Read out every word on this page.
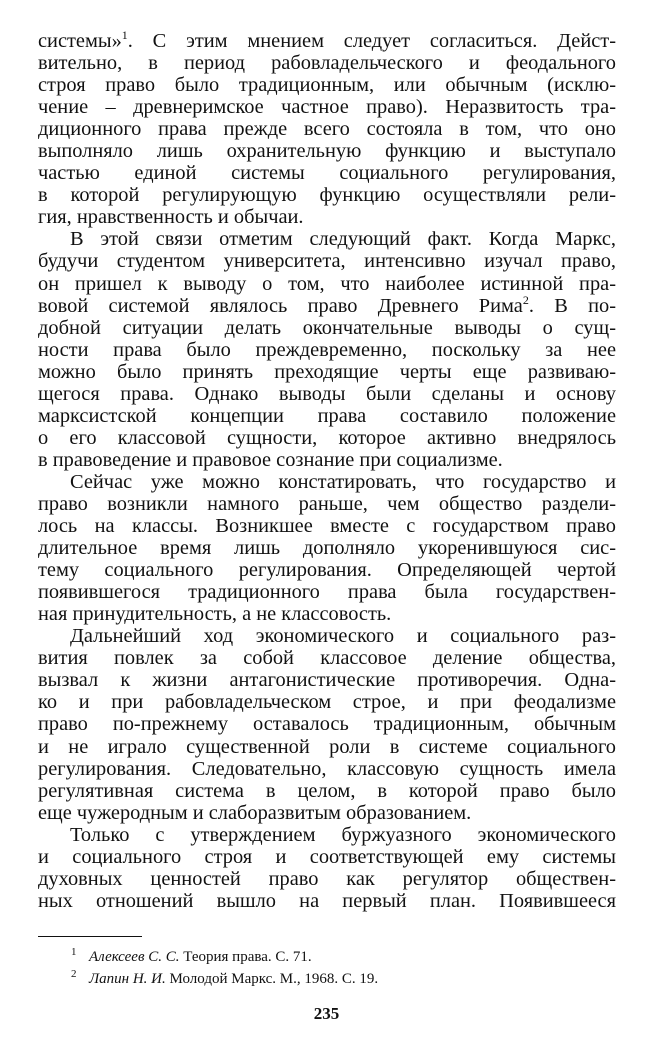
системы»$^1$. С этим мнением следует согласиться. Дейст-
вительно, в период рабовладельческого и феодального
строя право было традиционным, или обычным (исклю-
чение – древнеримское частное право). Неразвитость тра-
диционного права прежде всего состояла в том, что оно
выполняло лишь охранительную функцию и выступало
частью единой системы социального регулирования,
в которой регулирующую функцию осуществляли рели-
гия, нравственность и обычаи.

В этой связи отметим следующий факт. Когда Маркс,
будучи студентом университета, интенсивно изучал право,
он пришел к выводу о том, что наиболее истинной пра-
вовой системой являлось право Древнего Рима$^2$. В по-
добной ситуации делать окончательные выводы о сущ-
ности права было преждевременно, поскольку за нее
можно было принять преходящие черты еще развиваю-
щегося права. Однако выводы были сделаны и основу
марксистской концепции права составило положение
о его классовой сущности, которое активно внедрялось
в правоведение и правовое сознание при социализме.

Сейчас уже можно констатировать, что государство и
право возникли намного раньше, чем общество раздели-
лось на классы. Возникшее вместе с государством право
длительное время лишь дополняло укоренившуюся сис-
тему социального регулирования. Определяющей чертой
появившегося традиционного права была государствен-
ная принудительность, а не классовость.

Дальнейший ход экономического и социального раз-
вития повлек за собой классовое деление общества,
вызвал к жизни антагонистические противоречия. Одна-
ко и при рабовладельческом строе, и при феодализме
право по-прежнему оставалось традиционным, обычным
и не играло существенной роли в системе социального
регулирования. Следовательно, классовую сущность имела
регулятивная система в целом, в которой право было
еще чужеродным и слаборазвитым образованием.

Только с утверждением буржуазного экономического
и социального строя и соответствующей ему системы
духовных ценностей право как регулятор обществен-
ных отношений вышло на первый план. Появившееся

1 Алексеев С. С. Теория права. С. 71.
2 Лапин Н. И. Молодой Маркс. М., 1968. С. 19.
235
